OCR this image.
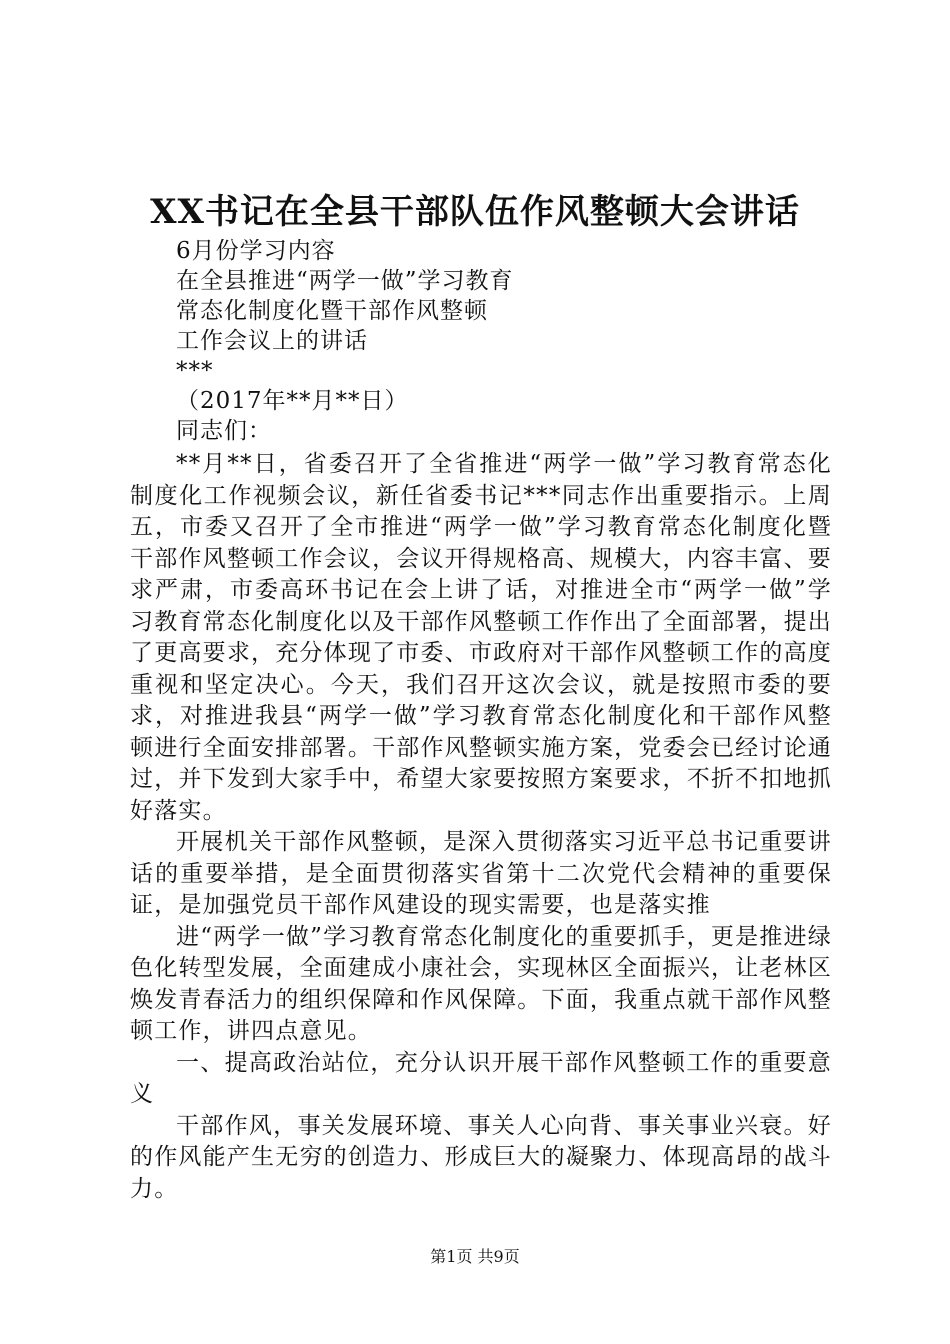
XX书记在全县干部队伍作风整顿大会讲话
6月份学习内容
在全县推进“两学一做”学习教育
常态化制度化暨干部作风整顿
工作会议上的讲话
***
（2017年**月**日）
同志们：

**月**日，省委召开了全省推进“两学一做”学习教育常态化制度化工作视频会议，新任省委书记***同志作出重要指示。上周五，市委又召开了全市推进“两学一做”学习教育常态化制度化暨干部作风整顿工作会议，会议开得规格高、规模大，内容丰富、要求严肃，市委高环书记在会上讲了话，对推进全市“两学一做”学习教育常态化制度化以及干部作风整顿工作作出了全面部署，提出了更高要求，充分体现了市委、市政府对干部作风整顿工作的高度重视和坚定决心。今天，我们召开这次会议，就是按照市委的要求，对推进我县“两学一做”学习教育常态化制度化和干部作风整顿进行全面安排部署。干部作风整顿实施方案，党委会已经讨论通过，并下发到大家手中，希望大家要按照方案要求，不折不扣地抓好落实。

开展机关干部作风整顿，是深入贯彻落实习近平总书记重要讲话的重要举措，是全面贯彻落实省第十二次党代会精神的重要保证，是加强党员干部作风建设的现实需要，也是落实推

进“两学一做”学习教育常态化制度化的重要抓手，更是推进绿色化转型发展，全面建成小康社会，实现林区全面振兴，让老林区焕发青春活力的组织保障和作风保障。下面，我重点就干部作风整顿工作，讲四点意见。

一、提高政治站位，充分认识开展干部作风整顿工作的重要意义

干部作风，事关发展环境、事关人心向背、事关事业兴衰。好的作风能产生无穷的创造力、形成巨大的凝聚力、体现高昂的战斗力。

第1页 共9页
